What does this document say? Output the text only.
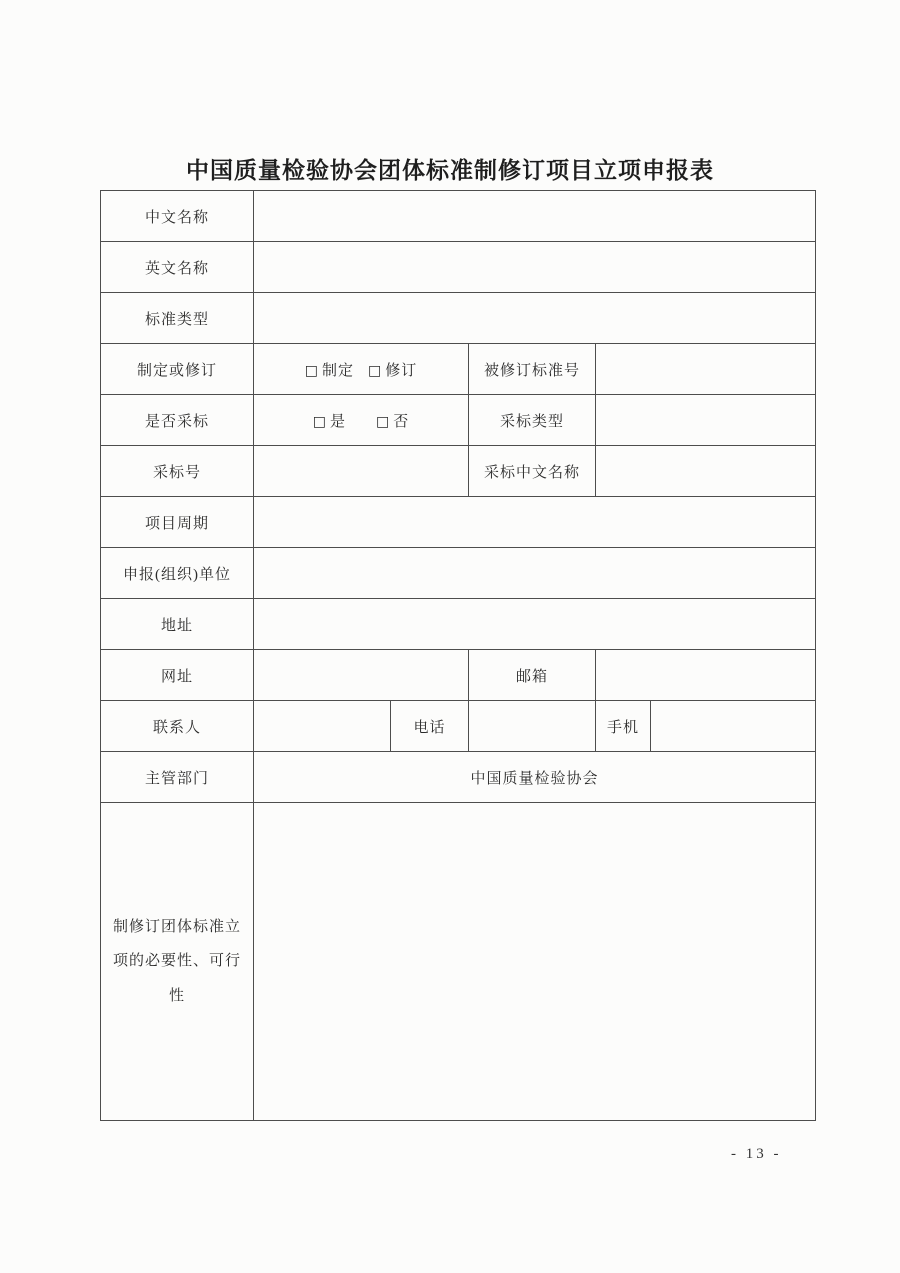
中国质量检验协会团体标准制修订项目立项申报表
中文名称					
英文名称					
标准类型					
制定或修订	□ 制定 □ 修订		被修订标准号		
是否采标	□ 是 □ 否		采标类型		
采标号			采标中文名称		
项目周期					
申报(组织)单位					
地址					
网址			邮箱		
联系人		电话		手机	
主管部门	中国质量检验协会				
制修订团体标准立项的必要性、可行性					
- 13 -
